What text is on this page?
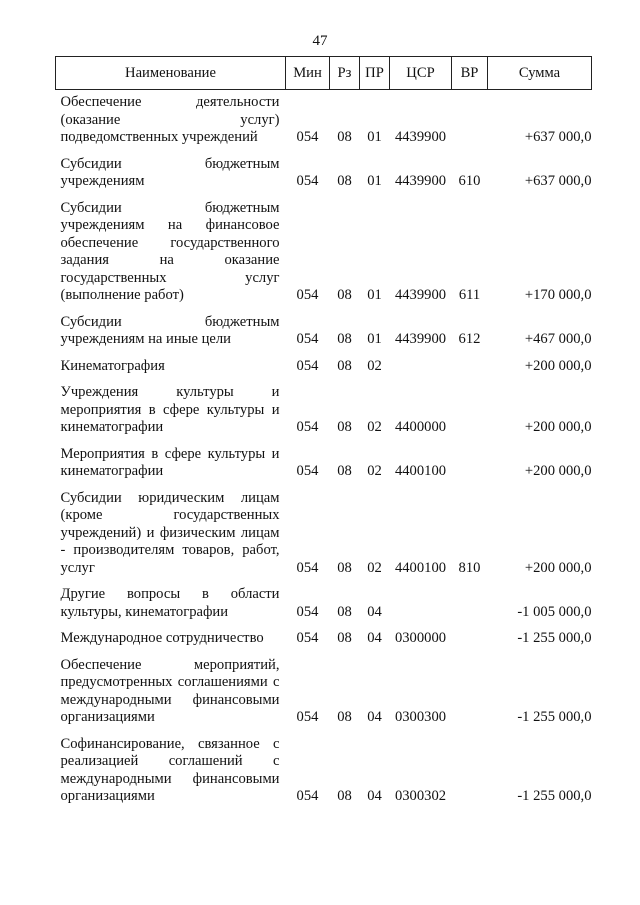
47
Наименование	Мин	Рз	ПР	ЦСР	ВР	Сумма
Обеспечение деятельности (оказание услуг) подведомственных учреждений	054	08	01	4439900		+637 000,0
Субсидии бюджетным учреждениям	054	08	01	4439900	610	+637 000,0
Субсидии бюджетным учреждениям на финансовое обеспечение государственного задания на оказание государственных услуг (выполнение работ)	054	08	01	4439900	611	+170 000,0
Субсидии бюджетным учреждениям на иные цели	054	08	01	4439900	612	+467 000,0
Кинематография	054	08	02			+200 000,0
Учреждения культуры и мероприятия в сфере культуры и кинематографии	054	08	02	4400000		+200 000,0
Мероприятия в сфере культуры и кинематографии	054	08	02	4400100		+200 000,0
Субсидии юридическим лицам (кроме государственных учреждений) и физическим лицам - производителям товаров, работ, услуг	054	08	02	4400100	810	+200 000,0
Другие вопросы в области культуры, кинематографии	054	08	04			-1 005 000,0
Международное сотрудничество	054	08	04	0300000		-1 255 000,0
Обеспечение мероприятий, предусмотренных соглашениями с международными финансовыми организациями	054	08	04	0300300		-1 255 000,0
Софинансирование, связанное с реализацией соглашений с международными финансовыми организациями	054	08	04	0300302		-1 255 000,0
